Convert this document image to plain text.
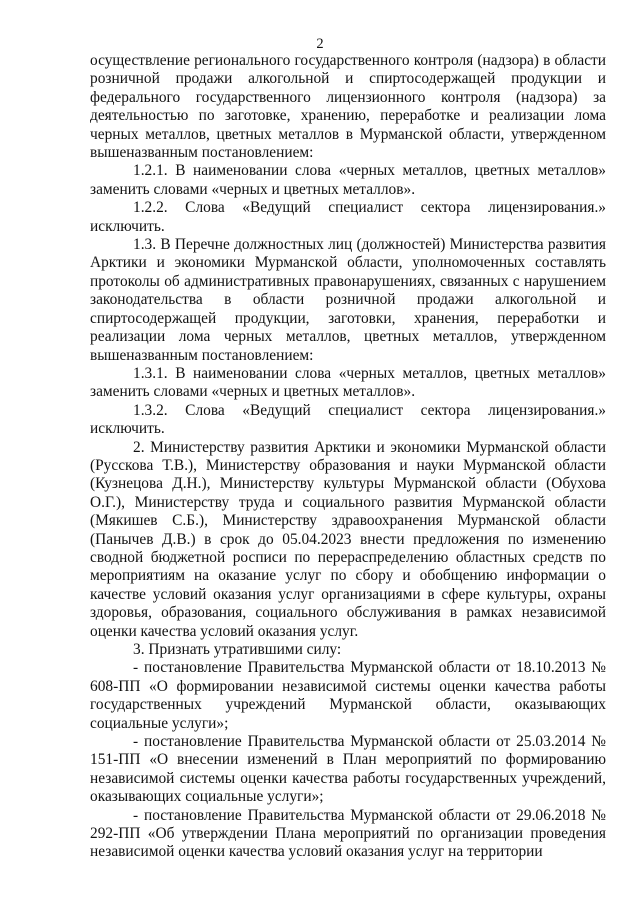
2

осуществление регионального государственного контроля (надзора) в области розничной продажи алкогольной и спиртосодержащей продукции и федерального государственного лицензионного контроля (надзора) за деятельностью по заготовке, хранению, переработке и реализации лома черных металлов, цветных металлов в Мурманской области, утвержденном вышеназванным постановлением:

1.2.1. В наименовании слова «черных металлов, цветных металлов» заменить словами «черных и цветных металлов».

1.2.2. Слова «Ведущий специалист сектора лицензирования.» исключить.

1.3. В Перечне должностных лиц (должностей) Министерства развития Арктики и экономики Мурманской области, уполномоченных составлять протоколы об административных правонарушениях, связанных с нарушением законодательства в области розничной продажи алкогольной и спиртосодержащей продукции, заготовки, хранения, переработки и реализации лома черных металлов, цветных металлов, утвержденном вышеназванным постановлением:

1.3.1. В наименовании слова «черных металлов, цветных металлов» заменить словами «черных и цветных металлов».

1.3.2. Слова «Ведущий специалист сектора лицензирования.» исключить.

2. Министерству развития Арктики и экономики Мурманской области (Русскова Т.В.), Министерству образования и науки Мурманской области (Кузнецова Д.Н.), Министерству культуры Мурманской области (Обухова О.Г.), Министерству труда и социального развития Мурманской области (Мякишев С.Б.), Министерству здравоохранения Мурманской области (Панычев Д.В.) в срок до 05.04.2023 внести предложения по изменению сводной бюджетной росписи по перераспределению областных средств по мероприятиям на оказание услуг по сбору и обобщению информации о качестве условий оказания услуг организациями в сфере культуры, охраны здоровья, образования, социального обслуживания в рамках независимой оценки качества условий оказания услуг.

3. Признать утратившими силу:

- постановление Правительства Мурманской области от 18.10.2013 № 608-ПП «О формировании независимой системы оценки качества работы государственных учреждений Мурманской области, оказывающих социальные услуги»;

- постановление Правительства Мурманской области от 25.03.2014 № 151-ПП «О внесении изменений в План мероприятий по формированию независимой системы оценки качества работы государственных учреждений, оказывающих социальные услуги»;

- постановление Правительства Мурманской области от 29.06.2018 № 292-ПП «Об утверждении Плана мероприятий по организации проведения независимой оценки качества условий оказания услуг на территории
